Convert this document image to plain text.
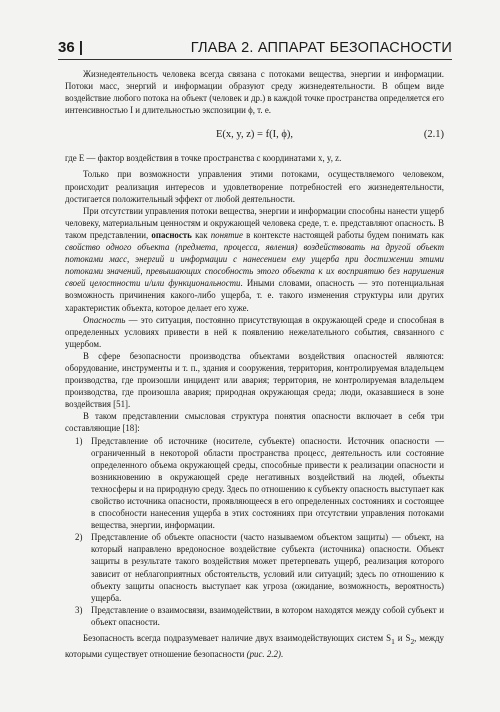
36 |	ГЛАВА 2. АППАРАТ БЕЗОПАСНОСТИ

Жизнедеятельность человека всегда связана с потоками вещества, энергии и информации. Потоки масс, энергий и информации образуют среду жизнедеятельности. В общем виде воздействие любого потока на объект (человек и др.) в каждой точке пространства определяется его интенсивностью I и длительностью экспозиции ϕ, т. е.

E(x, y, z) = f(I, ϕ),	(2.1)

где E — фактор воздействия в точке пространства с координатами x, y, z.

Только при возможности управления этими потоками, осуществляемого человеком, происходит реализация интересов и удовлетворение потребностей его жизнедеятельности, достигается положительный эффект от любой деятельности.

При отсутствии управления потоки вещества, энергии и информации способны нанести ущерб человеку, материальным ценностям и окружающей человека среде, т. е. представляют опасность. В таком представлении, опасность как понятие в контексте настоящей работы будем понимать как свойство одного объекта (предмета, процесса, явления) воздействовать на другой объект потоками масс, энергий и информации с нанесением ему ущерба при достижении этими потоками значений, превышающих способность этого объекта к их восприятию без нарушения своей целостности и/или функциональности. Иными словами, опасность — это потенциальная возможность причинения какого-либо ущерба, т. е. такого изменения структуры или других характеристик объекта, которое делает его хуже.

Опасность — это ситуация, постоянно присутствующая в окружающей среде и способная в определенных условиях привести в ней к появлению нежелательного события, связанного с ущербом.

В сфере безопасности производства объектами воздействия опасностей являются: оборудование, инструменты и т. п., здания и сооружения, территория, контролируемая владельцем производства, где произошли инцидент или авария; территория, не контролируемая владельцем производства, где произошла авария; природная окружающая среда; люди, оказавшиеся в зоне воздействия [51].

В таком представлении смысловая структура понятия опасности включает в себя три составляющие [18]:

1) Представление об источнике (носителе, субъекте) опасности. Источник опасности — ограниченный в некоторой области пространства процесс, деятельность или состояние определенного объема окружающей среды, способные привести к реализации опасности и возникновению в окружающей среде негативных воздействий на людей, объекты техносферы и на природную среду. Здесь по отношению к субъекту опасность выступает как свойство источника опасности, проявляющееся в его определенных состояниях и состоящее в способности нанесения ущерба в этих состояниях при отсутствии управления потоками вещества, энергии, информации.
2) Представление об объекте опасности (часто называемом объектом защиты) — объект, на который направлено вредоносное воздействие субъекта (источника) опасности. Объект защиты в результате такого воздействия может претерпевать ущерб, реализация которого зависит от неблагоприятных обстоятельств, условий или ситуаций; здесь по отношению к объекту защиты опасность выступает как угроза (ожидание, возможность, вероятность) ущерба.
3) Представление о взаимосвязи, взаимодействии, в котором находятся между собой субъект и объект опасности.

Безопасность всегда подразумевает наличие двух взаимодействующих систем $S_1$ и $S_2$, между которыми существует отношение безопасности (рис. 2.2).
